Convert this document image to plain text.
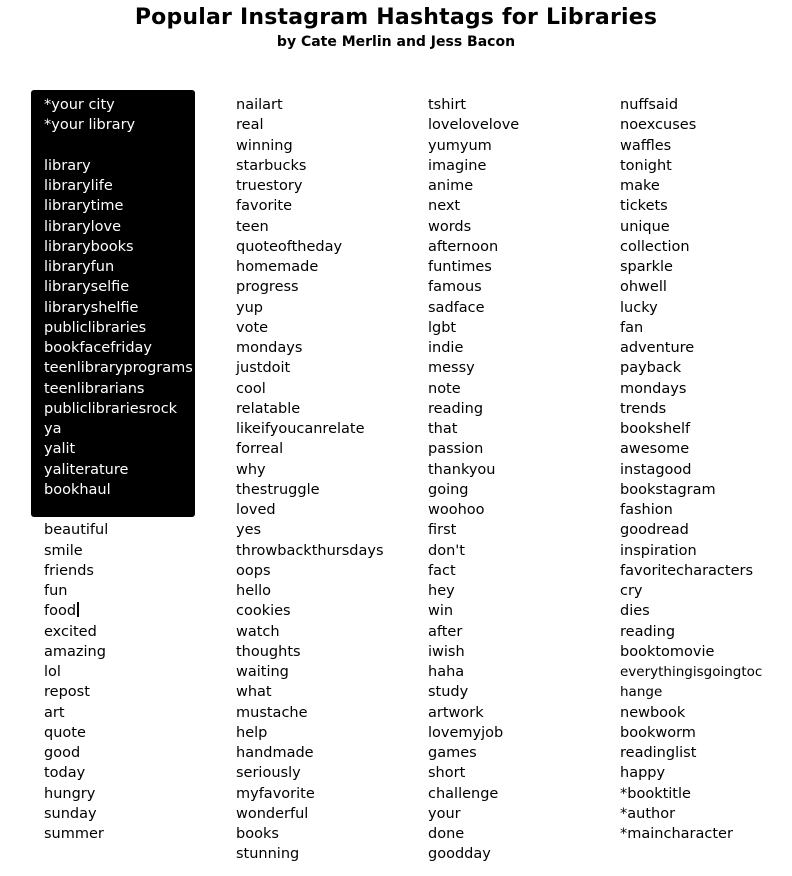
Popular Instagram Hashtags for Libraries
by Cate Merlin and Jess Bacon
*your city
*your library
library
librarylife
librarytime
librarylove
librarybooks
libraryfun
libraryselfie
libraryshelfie
publiclibraries
bookfacefriday
teenlibraryprograms
teenlibrarians
publiclibrariesrock
ya
yalit
yaliterature
bookhaul
happy
beautiful
smile
friends
fun
food
excited
amazing
lol
repost
art
quote
good
today
hungry
sunday
summer
nailart
real
winning
starbucks
truestory
favorite
teen
quoteoftheday
homemade
progress
yup
vote
mondays
justdoit
cool
relatable
likeifyoucanrelate
forreal
why
thestruggle
loved
yes
throwbackthursdays
oops
hello
cookies
watch
thoughts
waiting
what
mustache
help
handmade
seriously
myfavorite
wonderful
books
stunning
tshirt
lovelovelove
yumyum
imagine
anime
next
words
afternoon
funtimes
famous
sadface
lgbt
indie
messy
note
reading
that
passion
thankyou
going
woohoo
first
don't
fact
hey
win
after
iwish
haha
study
artwork
lovemyjob
games
short
challenge
your
done
goodday
nuffsaid
noexcuses
waffles
tonight
make
tickets
unique
collection
sparkle
ohwell
lucky
fan
adventure
payback
mondays
trends
bookshelf
awesome
instagood
bookstagram
fashion
goodread
inspiration
favoritecharacters
cry
dies
reading
booktomovie
everythingisgoingtochange
newbook
bookworm
readinglist
happy
*booktitle
*author
*maincharacter
